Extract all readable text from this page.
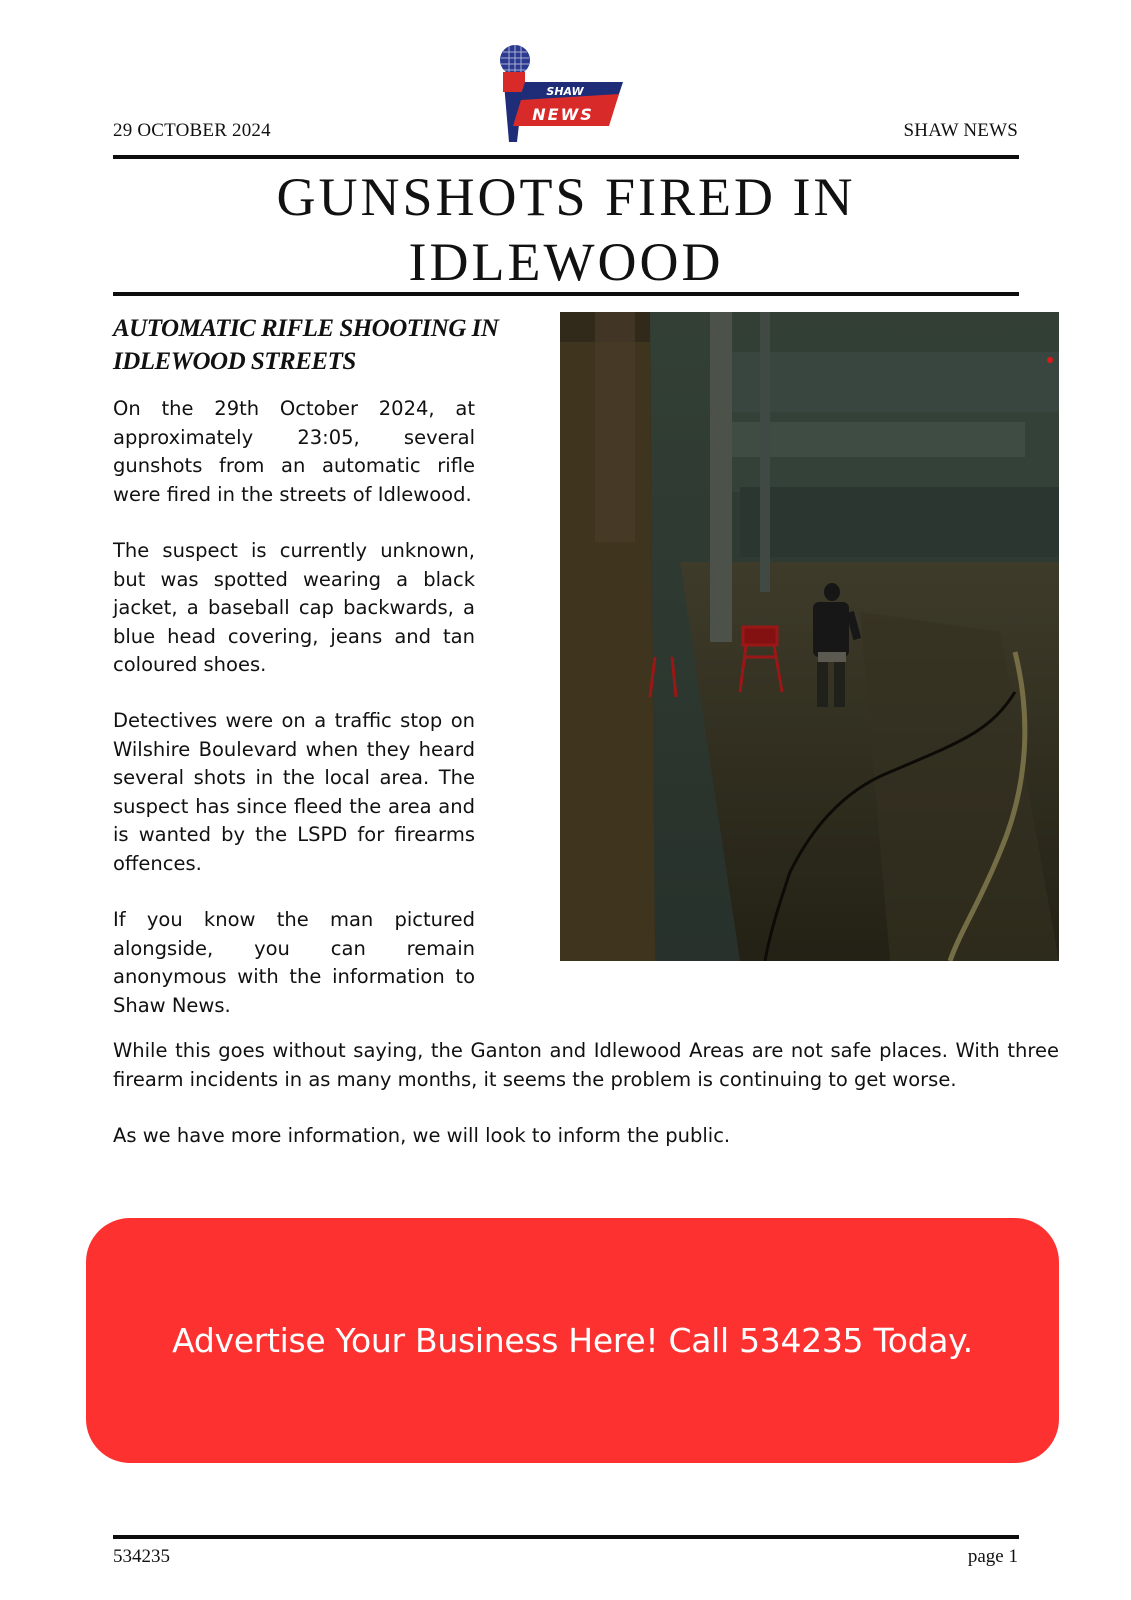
29 OCTOBER 2024
SHAW
NEWS
SHAW NEWS
GUNSHOTS FIRED IN IDLEWOOD
AUTOMATIC RIFLE SHOOTING IN IDLEWOOD STREETS

On the 29th October 2024, at approximately 23:05, several gunshots from an automatic rifle were fired in the streets of Idlewood.

The suspect is currently unknown, but was spotted wearing a black jacket, a baseball cap backwards, a blue head covering, jeans and tan coloured shoes.

Detectives were on a traffic stop on Wilshire Boulevard when they heard several shots in the local area. The suspect has since fleed the area and is wanted by the LSPD for firearms offences.

If you know the man pictured alongside, you can remain anonymous with the information to Shaw News.

While this goes without saying, the Ganton and Idlewood Areas are not safe places. With three firearm incidents in as many months, it seems the problem is continuing to get worse.

As we have more information, we will look to inform the public.

Advertise Your Business Here! Call 534235 Today.
534235	page 1
